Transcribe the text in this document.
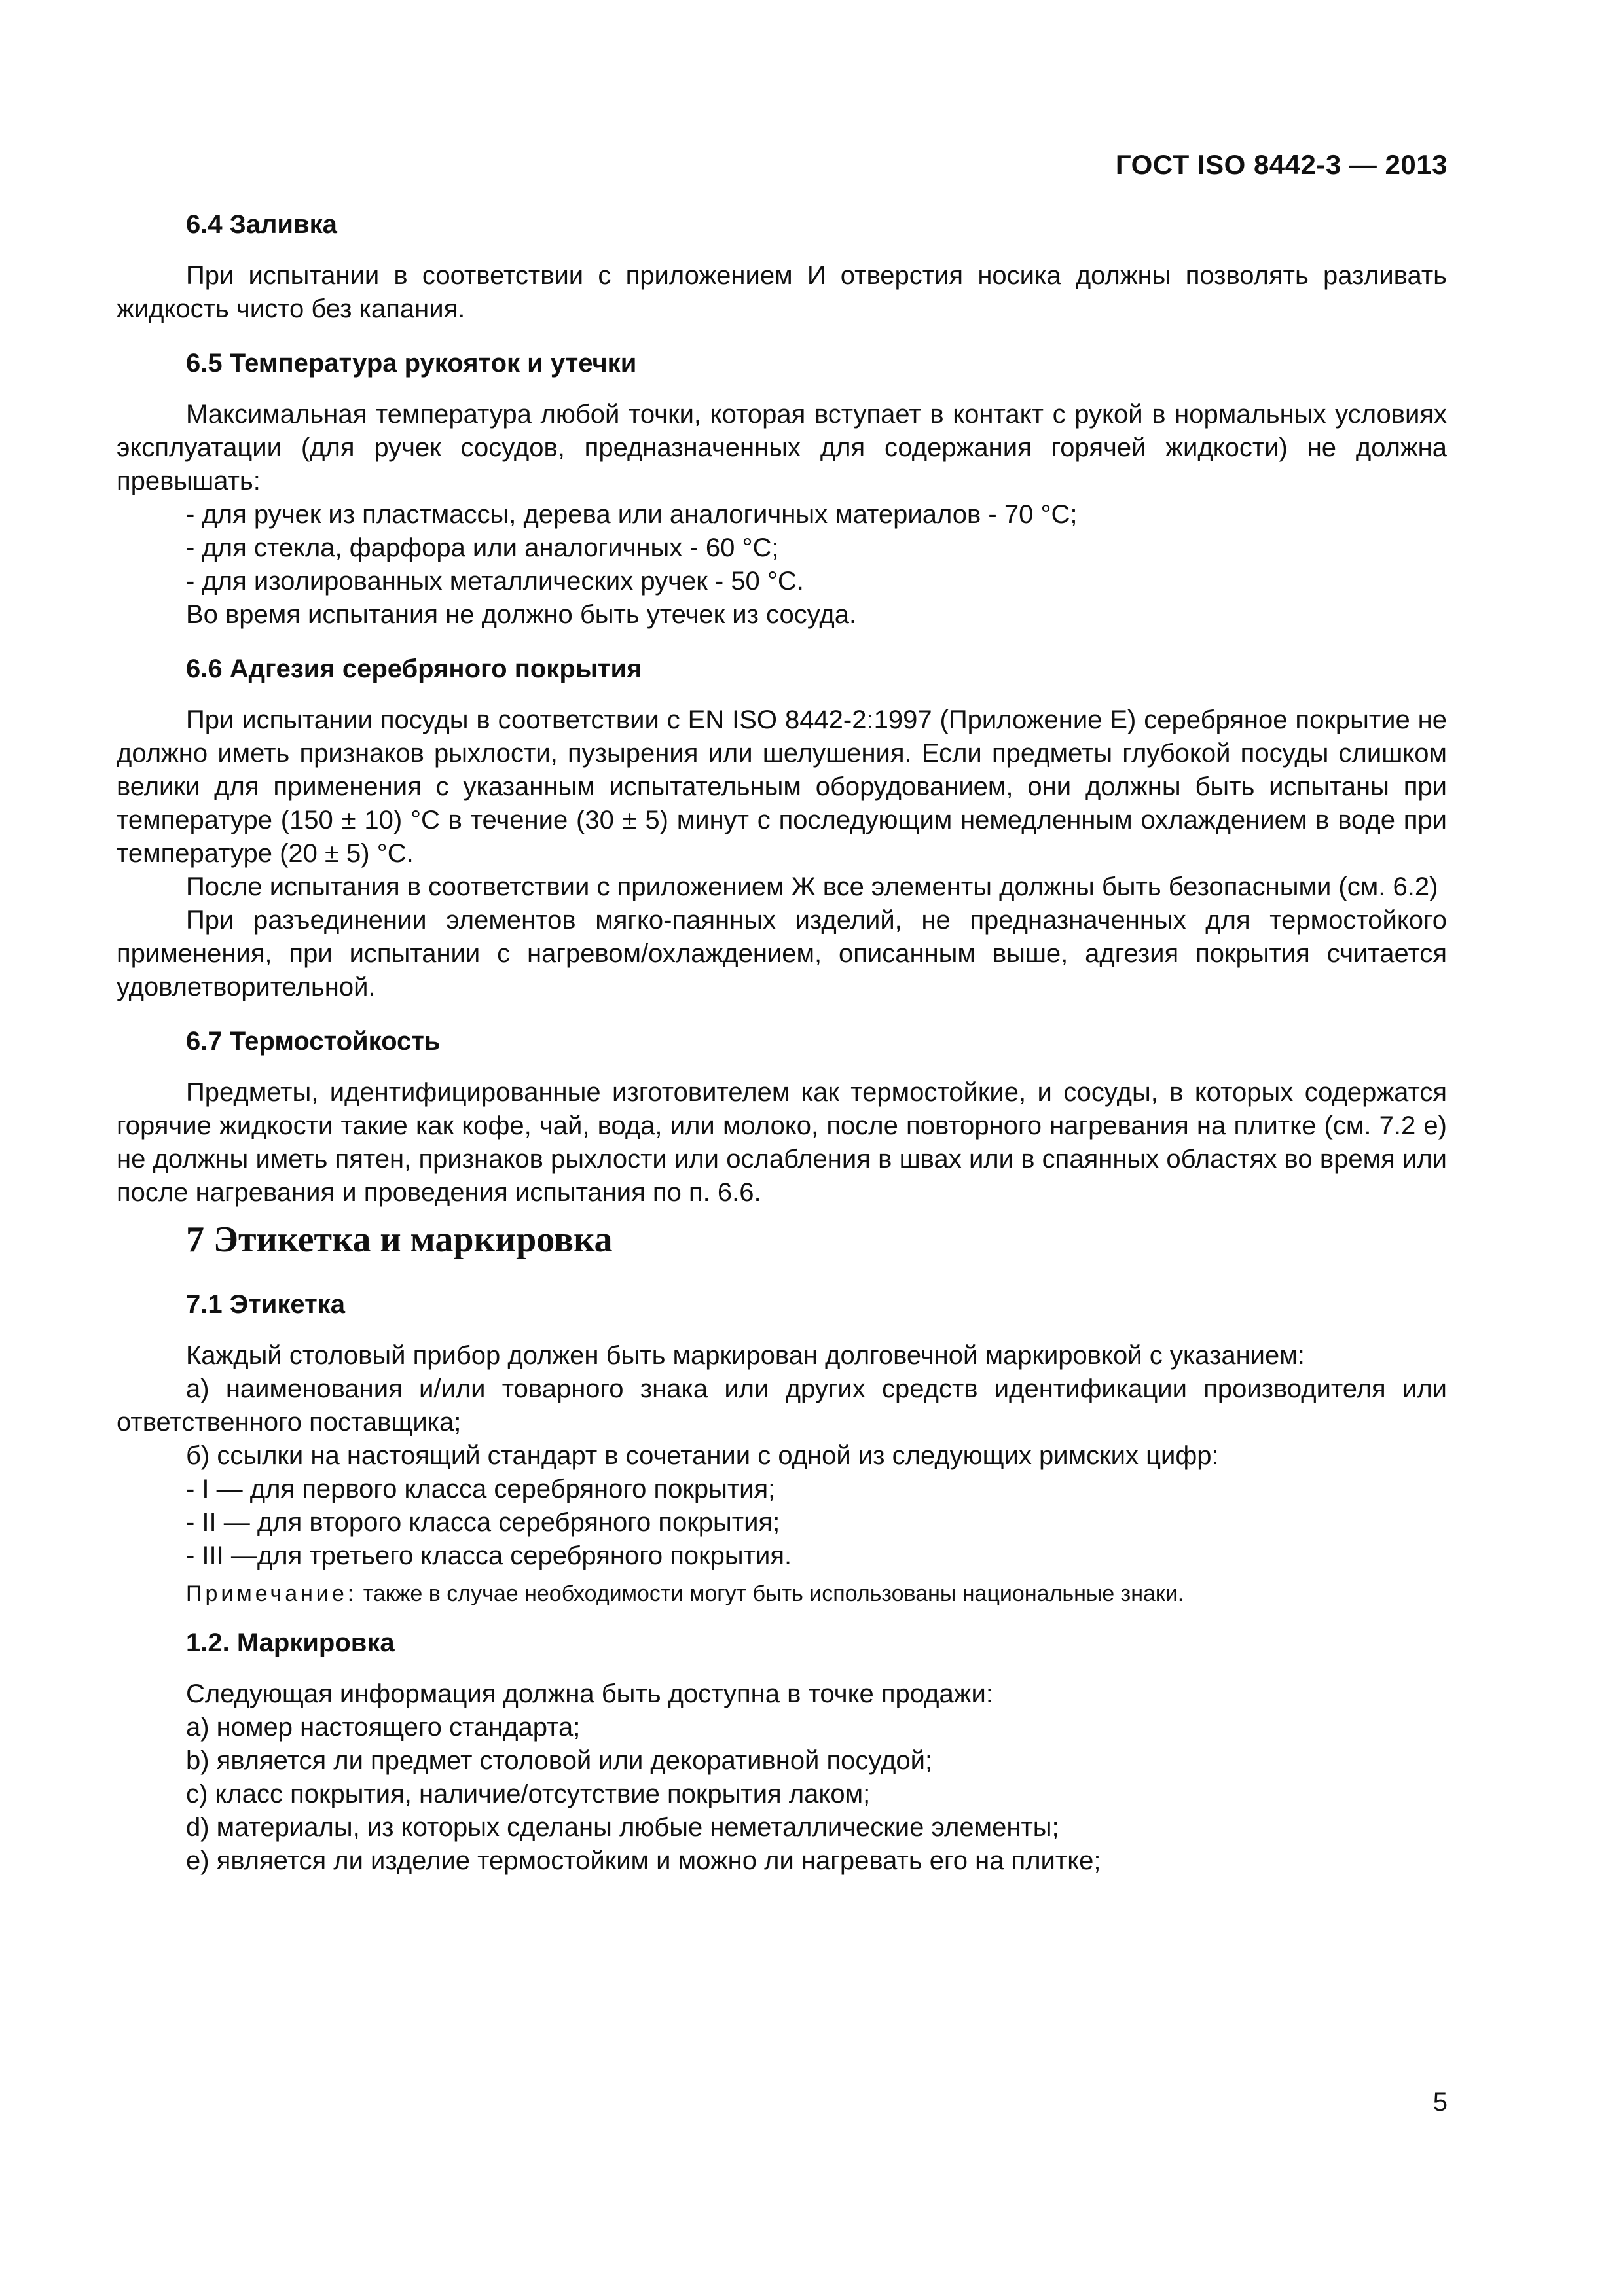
ГОСТ ISO 8442-3 — 2013
6.4 Заливка

При испытании в соответствии с приложением И отверстия носика должны позволять разливать жидкость чисто без капания.

6.5 Температура рукояток и утечки

Максимальная температура любой точки, которая вступает в контакт с рукой в нормальных условиях эксплуатации (для ручек сосудов, предназначенных для содержания горячей жидкости) не должна превышать:

- для ручек из пластмассы, дерева или аналогичных материалов - 70 °C;
- для стекла, фарфора или аналогичных - 60 °C;
- для изолированных металлических ручек - 50 °C.
Во время испытания не должно быть утечек из сосуда.
6.6 Адгезия серебряного покрытия

При испытании посуды в соответствии с EN ISO 8442-2:1997 (Приложение Е) серебряное покрытие не должно иметь признаков рыхлости, пузырения или шелушения. Если предметы глубокой посуды слишком велики для применения с указанным испытательным оборудованием, они должны быть испытаны при температуре (150 ± 10) °C в течение (30 ± 5) минут с последующим немедленным охлаждением в воде при температуре (20 ± 5) °C.

После испытания в соответствии с приложением Ж все элементы должны быть безопасными (см. 6.2)

При разъединении элементов мягко-паянных изделий, не предназначенных для термостойкого применения, при испытании с нагревом/охлаждением, описанным выше, адгезия покрытия считается удовлетворительной.

6.7 Термостойкость

Предметы, идентифицированные изготовителем как термостойкие, и сосуды, в которых содержатся горячие жидкости такие как кофе, чай, вода, или молоко, после повторного нагревания на плитке (см. 7.2 е) не должны иметь пятен, признаков рыхлости или ослабления в швах или в спаянных областях во время или после нагревания и проведения испытания по п. 6.6.

7 Этикетка и маркировка
7.1 Этикетка

Каждый столовый прибор должен быть маркирован долговечной маркировкой с указанием:

а) наименования и/или товарного знака или других средств идентификации производителя или ответственного поставщика;

б) ссылки на настоящий стандарт в сочетании с одной из следующих римских цифр:

- I — для первого класса серебряного покрытия;
- II — для второго класса серебряного покрытия;
- III —для третьего класса серебряного покрытия.
Примечание: также в случае необходимости могут быть использованы национальные знаки.
1.2. Маркировка

Следующая информация должна быть доступна в точке продажи:

а) номер настоящего стандарта;
b) является ли предмет столовой или декоративной посудой;
с) класс покрытия, наличие/отсутствие покрытия лаком;
d) материалы, из которых сделаны любые неметаллические элементы;
е) является ли изделие термостойким и можно ли нагревать его на плитке;
5
